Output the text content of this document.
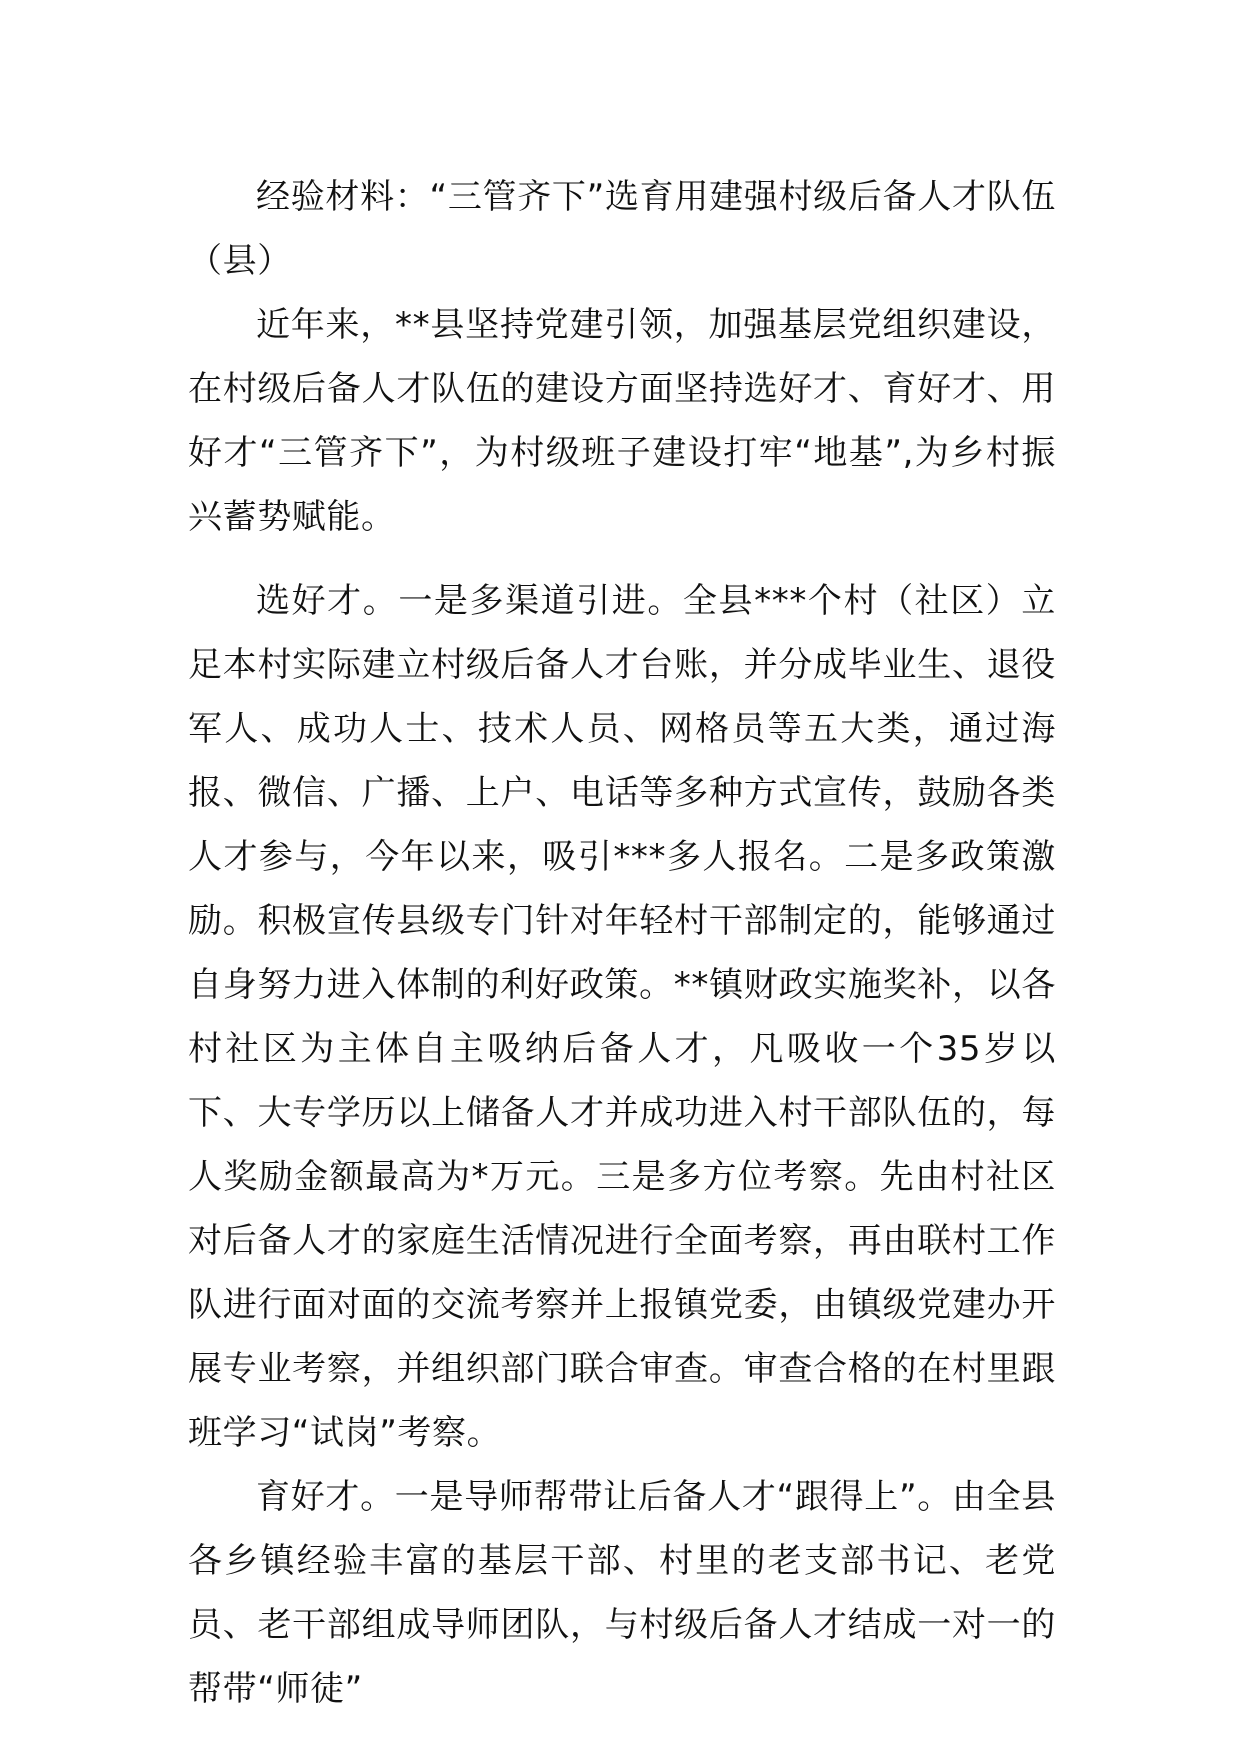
经验材料：“三管齐下”选育用建强村级后备人才队伍（县）

近年来，**县坚持党建引领，加强基层党组织建设，在村级后备人才队伍的建设方面坚持选好才、育好才、用好才“三管齐下”，为村级班子建设打牢“地基”,为乡村振兴蓄势赋能。

选好才。一是多渠道引进。全县***个村（社区）立足本村实际建立村级后备人才台账，并分成毕业生、退役军人、成功人士、技术人员、网格员等五大类，通过海报、微信、广播、上户、电话等多种方式宣传，鼓励各类人才参与，今年以来，吸引***多人报名。二是多政策激励。积极宣传县级专门针对年轻村干部制定的，能够通过自身努力进入体制的利好政策。**镇财政实施奖补，以各村社区为主体自主吸纳后备人才，凡吸收一个35岁以下、大专学历以上储备人才并成功进入村干部队伍的，每人奖励金额最高为*万元。三是多方位考察。先由村社区对后备人才的家庭生活情况进行全面考察，再由联村工作队进行面对面的交流考察并上报镇党委，由镇级党建办开展专业考察，并组织部门联合审查。审查合格的在村里跟班学习“试岗”考察。

育好才。一是导师帮带让后备人才“跟得上”。由全县各乡镇经验丰富的基层干部、村里的老支部书记、老党员、老干部组成导师团队，与村级后备人才结成一对一的帮带“师徒”
